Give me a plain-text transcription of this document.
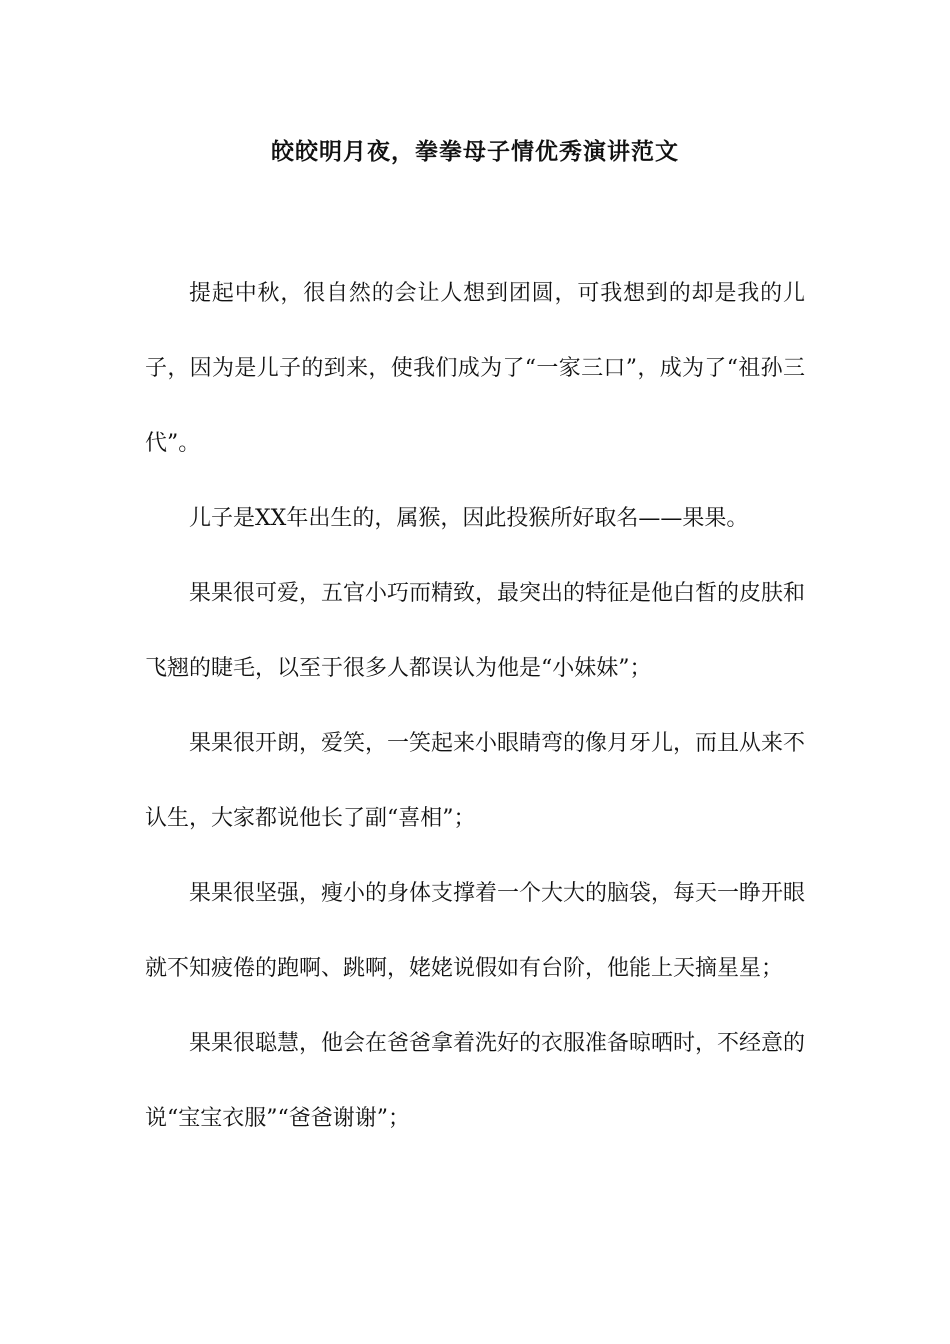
皎皎明月夜，拳拳母子情优秀演讲范文

提起中秋，很自然的会让人想到团圆，可我想到的却是我的儿子，因为是儿子的到来，使我们成为了“一家三口”，成为了“祖孙三代”。

儿子是XX年出生的，属猴，因此投猴所好取名——果果。

果果很可爱，五官小巧而精致，最突出的特征是他白皙的皮肤和飞翘的睫毛，以至于很多人都误认为他是“小妹妹”；

果果很开朗，爱笑，一笑起来小眼睛弯的像月牙儿，而且从来不认生，大家都说他长了副“喜相”；

果果很坚强，瘦小的身体支撑着一个大大的脑袋，每天一睁开眼就不知疲倦的跑啊、跳啊，姥姥说假如有台阶，他能上天摘星星；

果果很聪慧，他会在爸爸拿着洗好的衣服准备晾晒时，不经意的说“宝宝衣服”“爸爸谢谢”；
